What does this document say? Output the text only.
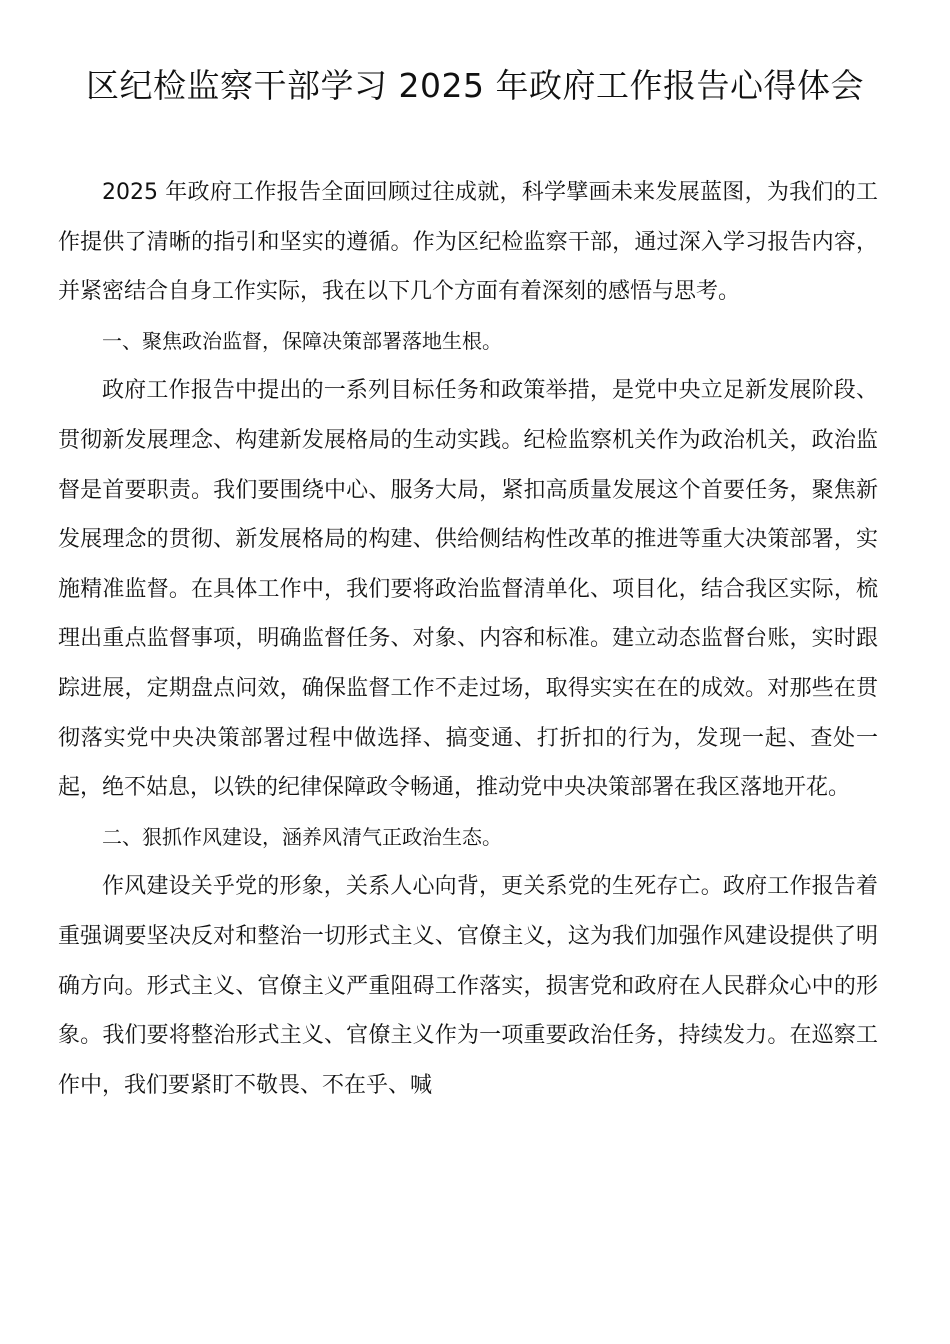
区纪检监察干部学习 2025 年政府工作报告心得体会

2025 年政府工作报告全面回顾过往成就，科学擘画未来发展蓝图，为我们的工作提供了清晰的指引和坚实的遵循。作为区纪检监察干部，通过深入学习报告内容，并紧密结合自身工作实际，我在以下几个方面有着深刻的感悟与思考。

一、聚焦政治监督，保障决策部署落地生根。

政府工作报告中提出的一系列目标任务和政策举措，是党中央立足新发展阶段、贯彻新发展理念、构建新发展格局的生动实践。纪检监察机关作为政治机关，政治监督是首要职责。我们要围绕中心、服务大局，紧扣高质量发展这个首要任务，聚焦新发展理念的贯彻、新发展格局的构建、供给侧结构性改革的推进等重大决策部署，实施精准监督。在具体工作中，我们要将政治监督清单化、项目化，结合我区实际，梳理出重点监督事项，明确监督任务、对象、内容和标准。建立动态监督台账，实时跟踪进展，定期盘点问效，确保监督工作不走过场，取得实实在在的成效。对那些在贯彻落实党中央决策部署过程中做选择、搞变通、打折扣的行为，发现一起、查处一起，绝不姑息，以铁的纪律保障政令畅通，推动党中央决策部署在我区落地开花。

二、狠抓作风建设，涵养风清气正政治生态。

作风建设关乎党的形象，关系人心向背，更关系党的生死存亡。政府工作报告着重强调要坚决反对和整治一切形式主义、官僚主义，这为我们加强作风建设提供了明确方向。形式主义、官僚主义严重阻碍工作落实，损害党和政府在人民群众心中的形象。我们要将整治形式主义、官僚主义作为一项重要政治任务，持续发力。在巡察工作中，我们要紧盯不敬畏、不在乎、喊
